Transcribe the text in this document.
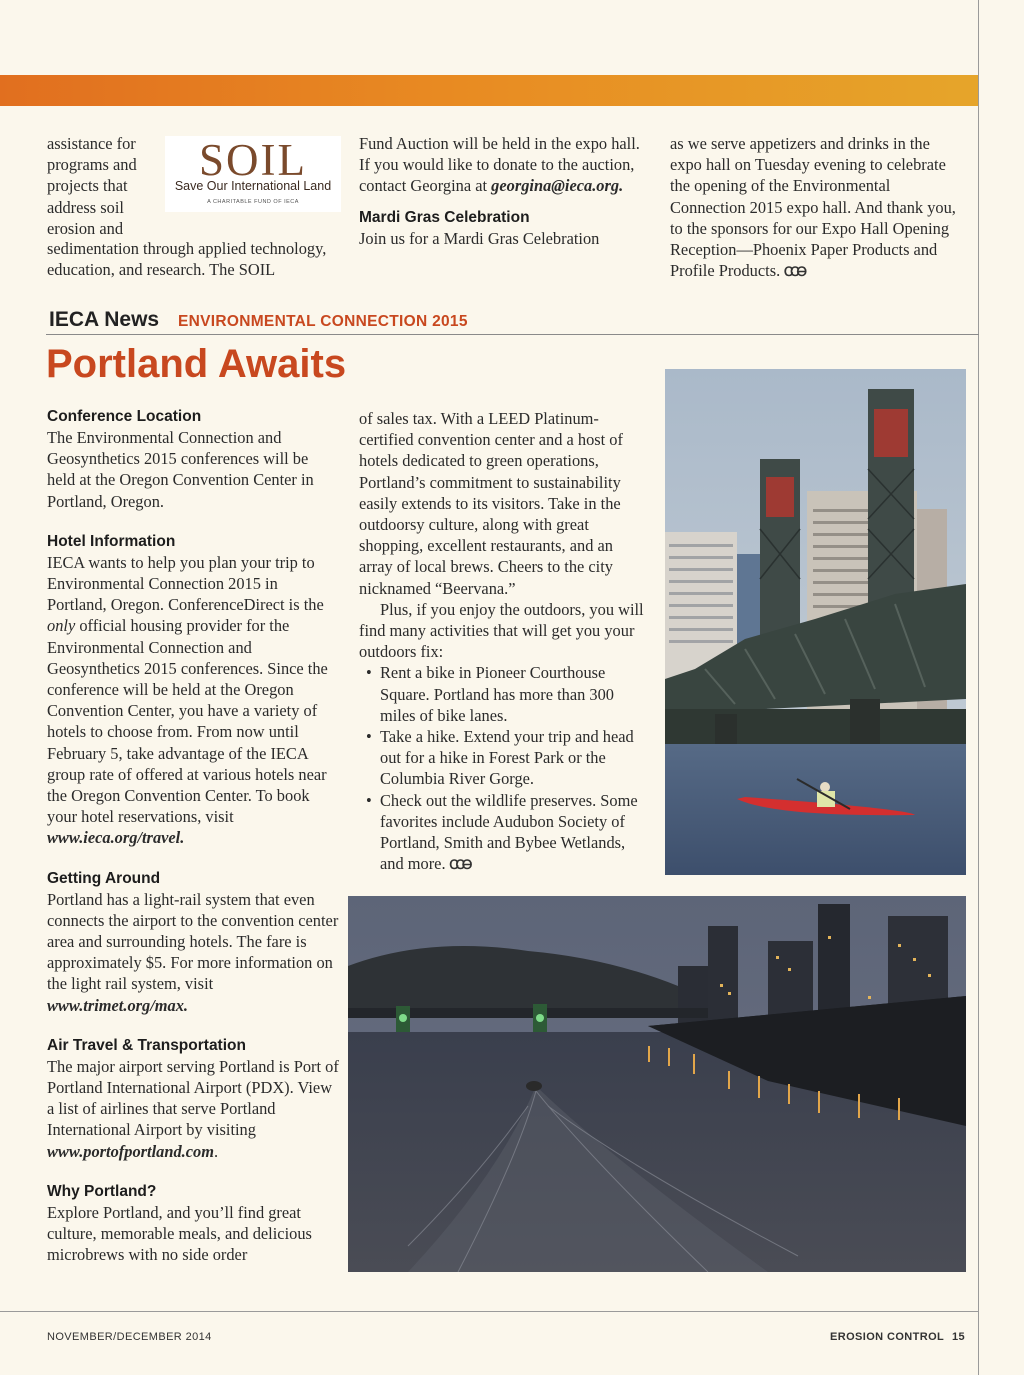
assistance for programs and projects that address soil erosion and

sedimentation through applied technology, education, and research. The SOIL

SOIL
Save Our International Land
A CHARITABLE FUND OF IECA

Fund Auction will be held in the expo hall. If you would like to donate to the auction, contact Georgina at georgina@ieca.org.

Mardi Gras Celebration

Join us for a Mardi Gras Celebration

as we serve appetizers and drinks in the expo hall on Tuesday evening to celebrate the opening of the Environmental Connection 2015 expo hall. And thank you, to the sponsors for our Expo Hall Opening Reception—Phoenix Paper Products and Profile Products. ᏟᏟᎾ

IECA News ENVIRONMENTAL CONNECTION 2015
Portland Awaits

Conference Location

The Environmental Connection and Geosynthetics 2015 conferences will be held at the Oregon Convention Center in Portland, Oregon.

Hotel Information

IECA wants to help you plan your trip to Environmental Connection 2015 in Portland, Oregon. ConferenceDirect is the only official housing provider for the Environmental Connection and Geosynthetics 2015 conferences. Since the conference will be held at the Oregon Convention Center, you have a variety of hotels to choose from. From now until February 5, take advantage of the IECA group rate of offered at various hotels near the Oregon Convention Center. To book your hotel reservations, visit www.ieca.org/travel.

Getting Around

Portland has a light-rail system that even connects the airport to the convention center area and surrounding hotels. The fare is approximately $5. For more information on the light rail system, visit www.trimet.org/max.

Air Travel & Transportation

The major airport serving Portland is Port of Portland International Airport (PDX). View a list of airlines that serve Portland International Airport by visiting www.portofportland.com.

Why Portland?

Explore Portland, and you’ll find great culture, memorable meals, and delicious microbrews with no side order

of sales tax. With a LEED Platinum-certified convention center and a host of hotels dedicated to green operations, Portland’s commitment to sustainability easily extends to its visitors. Take in the outdoorsy culture, along with great shopping, excellent restaurants, and an array of local brews. Cheers to the city nicknamed “Beervana.”

Plus, if you enjoy the outdoors, you will find many activities that will get you your outdoors fix:

• Rent a bike in Pioneer Courthouse Square. Portland has more than 300 miles of bike lanes.

• Take a hike. Extend your trip and head out for a hike in Forest Park or the Columbia River Gorge.

• Check out the wildlife preserves. Some favorites include Audubon Society of Portland, Smith and Bybee Wetlands, and more. ᏟᏟᎾ

NOVEMBER/DECEMBER 2014	EROSION CONTROL 15
